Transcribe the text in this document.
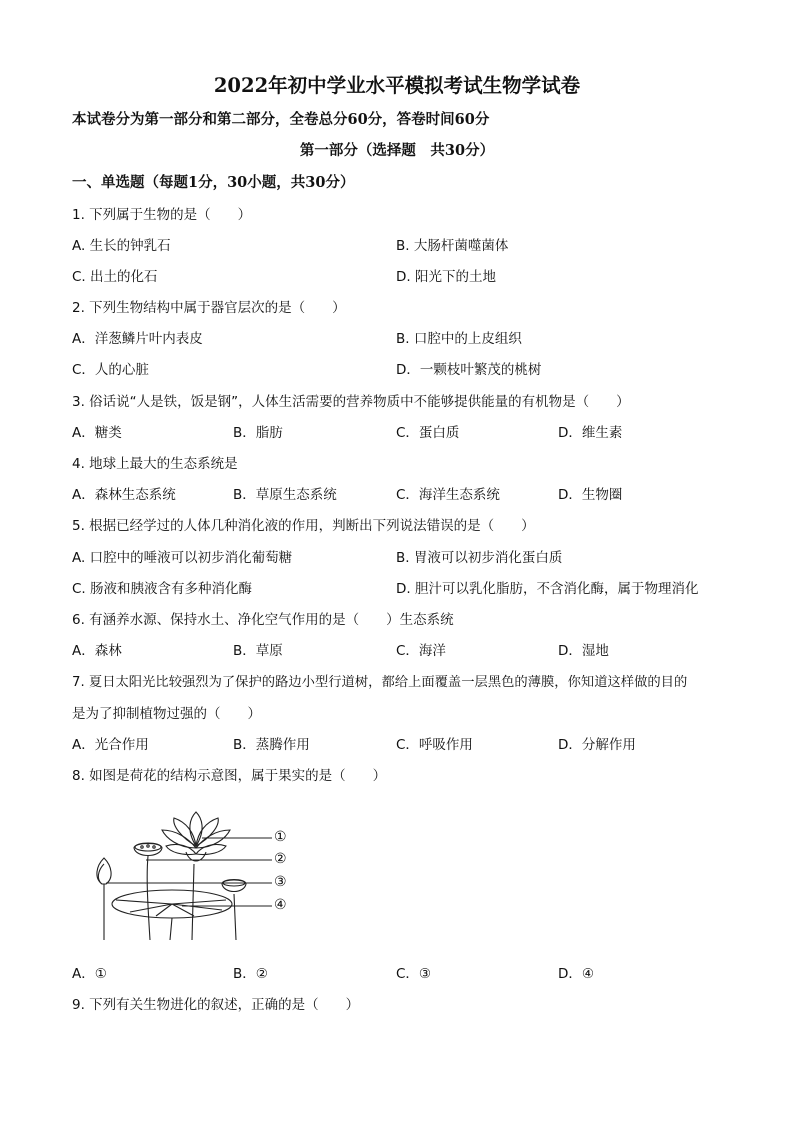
2022年初中学业水平模拟考试生物学试卷
本试卷分为第一部分和第二部分，全卷总分60分，答卷时间60分
第一部分（选择题　共30分）
一、单选题（每题1分，30小题，共30分）
1. 下列属于生物的是（　　）
A. 生长的钟乳石	B. 大肠杆菌噬菌体
C. 出土的化石	D. 阳光下的土地
2. 下列生物结构中属于器官层次的是（　　）
A．洋葱鳞片叶内表皮	B. 口腔中的上皮组织
C．人的心脏	D．一颗枝叶繁茂的桃树
3. 俗话说“人是铁，饭是钢”，人体生活需要的营养物质中不能够提供能量的有机物是（　　）
A．糖类	B．脂肪	C．蛋白质	D．维生素
4. 地球上最大的生态系统是
A．森林生态系统	B．草原生态系统	C．海洋生态系统	D．生物圈
5. 根据已经学过的人体几种消化液的作用，判断出下列说法错误的是（　　）
A. 口腔中的唾液可以初步消化葡萄糖	B. 胃液可以初步消化蛋白质
C. 肠液和胰液含有多种消化酶	D. 胆汁可以乳化脂肪，不含消化酶，属于物理消化
6. 有涵养水源、保持水土、净化空气作用的是（　　）生态系统
A．森林	B．草原	C．海洋	D．湿地
7. 夏日太阳光比较强烈为了保护的路边小型行道树，都给上面覆盖一层黑色的薄膜，你知道这样做的目的
是为了抑制植物过强的（　　）
A．光合作用	B．蒸腾作用	C．呼吸作用	D．分解作用
8. 如图是荷花的结构示意图，属于果实的是（　　）
①
②
③
④
A．①	B．②	C．③	D．④
9. 下列有关生物进化的叙述，正确的是（　　）
